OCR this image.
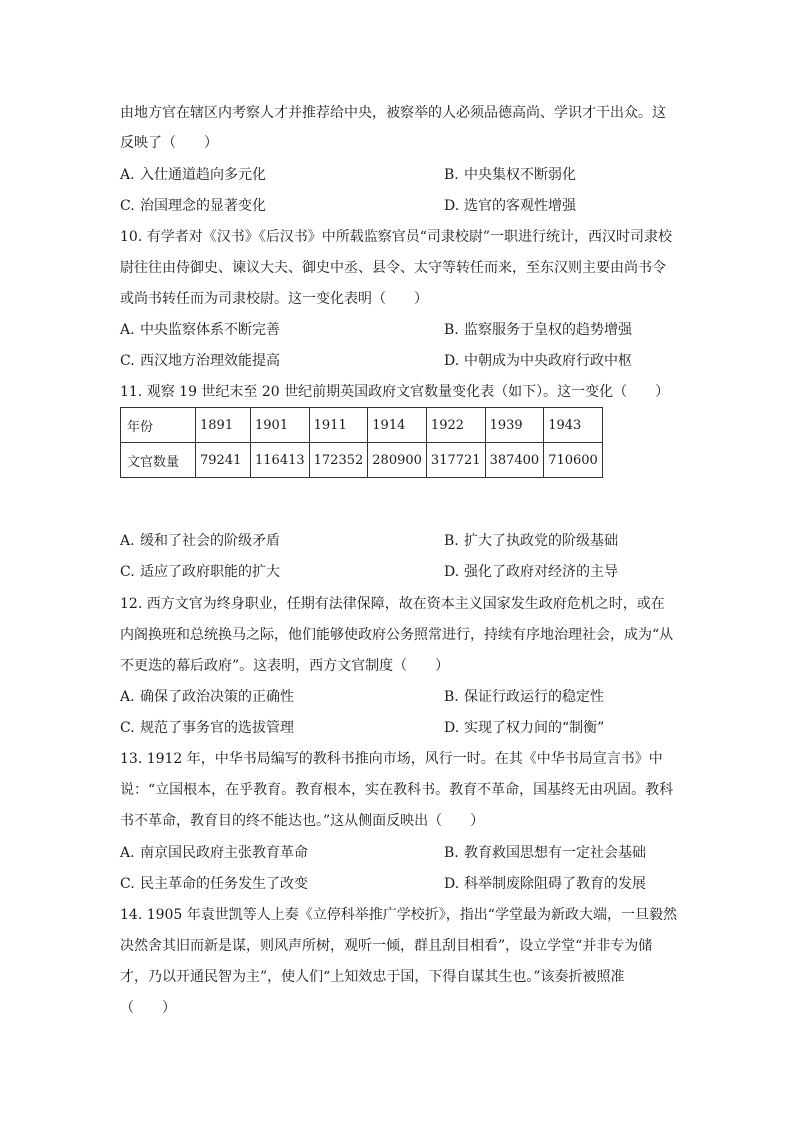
由地方官在辖区内考察人才并推荐给中央，被察举的人必须品德高尚、学识才干出众。这
反映了（　　）
A. 入仕通道趋向多元化	B. 中央集权不断弱化
C. 治国理念的显著变化	D. 选官的客观性增强
10. 有学者对《汉书》《后汉书》中所载监察官员“司隶校尉”一职进行统计，西汉时司隶校
尉往往由侍御史、谏议大夫、御史中丞、县令、太守等转任而来，至东汉则主要由尚书令
或尚书转任而为司隶校尉。这一变化表明（　　）
A. 中央监察体系不断完善	B. 监察服务于皇权的趋势增强
C. 西汉地方治理效能提高	D. 中朝成为中央政府行政中枢
11. 观察 19 世纪末至 20 世纪前期英国政府文官数量变化表（如下）。这一变化（　　）
年份	1891	1901	1911	1914	1922	1939	1943
文官数量	79241	116413	172352	280900	317721	387400	710600
A. 缓和了社会的阶级矛盾	B. 扩大了执政党的阶级基础
C. 适应了政府职能的扩大	D. 强化了政府对经济的主导
12. 西方文官为终身职业，任期有法律保障，故在资本主义国家发生政府危机之时，或在
内阁换班和总统换马之际，他们能够使政府公务照常进行，持续有序地治理社会，成为“从
不更迭的幕后政府”。这表明，西方文官制度（　　）
A. 确保了政治决策的正确性	B. 保证行政运行的稳定性
C. 规范了事务官的选拔管理	D. 实现了权力间的“制衡”
13. 1912 年，中华书局编写的教科书推向市场，风行一时。在其《中华书局宣言书》中
说：“立国根本，在乎教育。教育根本，实在教科书。教育不革命，国基终无由巩固。教科
书不革命，教育目的终不能达也。”这从侧面反映出（　　）
A. 南京国民政府主张教育革命	B. 教育救国思想有一定社会基础
C. 民主革命的任务发生了改变	D. 科举制废除阻碍了教育的发展
14. 1905 年袁世凯等人上奏《立停科举推广学校折》，指出“学堂最为新政大端，一旦毅然
决然舍其旧而新是谋，则风声所树，观听一倾，群且刮目相看”，设立学堂“并非专为储
才，乃以开通民智为主”，使人们“上知效忠于国，下得自谋其生也。”该奏折被照准
（　　）
